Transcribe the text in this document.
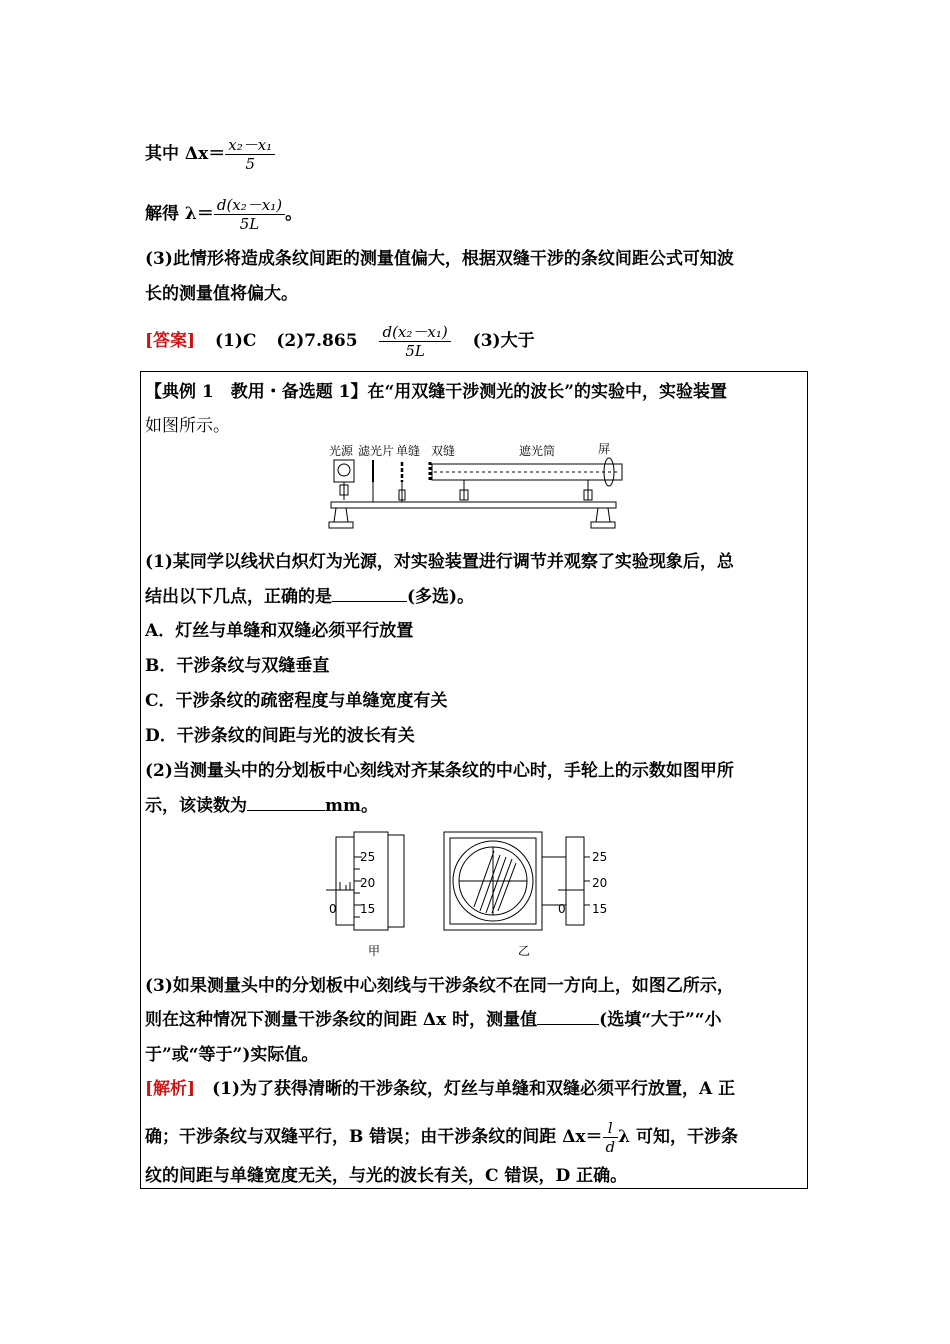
其中 $\Delta x= \frac{\text{x₂－x₁}}{5}$
解得 $\lambda= \frac{\text{d(x₂－x₁)}}{5L}$ 。
(3)此情形将造成条纹间距的测量值偏大，根据双缝干涉的条纹间距公式可知波
长的测量值将偏大。
[答案] (1)C $(2)7.865 \frac{\text{d(x₂－x₁)}}{5L} (3)$大于
【典例 1　教用・备选题 1】在“用双缝干涉测光的波长”的实验中，实验装置
如图所示。
光源 滤光片 单缝 双缝	遮光筒	屏
(1)某同学以线状白炽灯为光源，对实验装置进行调节并观察了实验现象后，总
结出以下几点，正确的是	(多选)。
A．灯丝与单缝和双缝必须平行放置
B．干涉条纹与双缝垂直
C．干涉条纹的疏密程度与单缝宽度有关
D．干涉条纹的间距与光的波长有关
(2)当测量头中的分划板中心刻线对齐某条纹的中心时，手轮上的示数如图甲所
示，该读数为	mm。
25
20
15
0
25
20
15
0
甲	乙
(3)如果测量头中的分划板中心刻线与干涉条纹不在同一方向上，如图乙所示，
则在这种情况下测量干涉条纹的间距 Δx 时，测量值	(选填“大于”“小
于”或“等于”)实际值。
[解析]　(1)为了获得清晰的干涉条纹，灯丝与单缝和双缝必须平行放置，A 正
确；干涉条纹与双缝平行，B 错误；由干涉条纹的间距 $\Delta x= \frac{l}{d}$ λ 可知，干涉条
纹的间距与单缝宽度无关，与光的波长有关，C 错误，D 正确。
